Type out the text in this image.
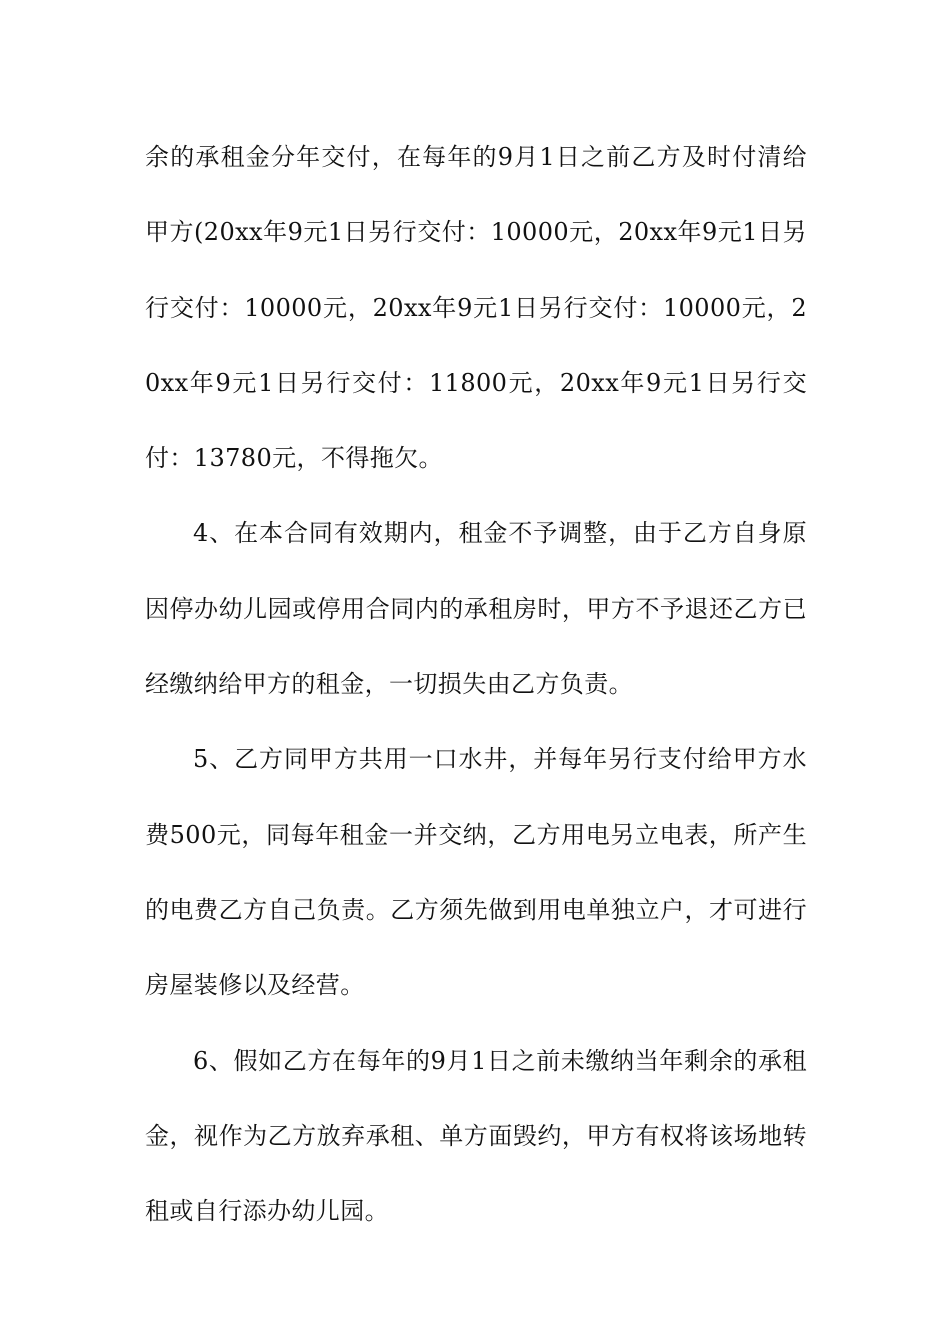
余的承租金分年交付，在每年的9月1日之前乙方及时付清给甲方(20xx年9元1日另行交付：10000元，20xx年9元1日另行交付：10000元，20xx年9元1日另行交付：10000元，20xx年9元1日另行交付：11800元，20xx年9元1日另行交付：13780元，不得拖欠。

4、在本合同有效期内，租金不予调整，由于乙方自身原因停办幼儿园或停用合同内的承租房时，甲方不予退还乙方已经缴纳给甲方的租金，一切损失由乙方负责。

5、乙方同甲方共用一口水井，并每年另行支付给甲方水费500元，同每年租金一并交纳，乙方用电另立电表，所产生的电费乙方自己负责。乙方须先做到用电单独立户，才可进行房屋装修以及经营。

6、假如乙方在每年的9月1日之前未缴纳当年剩余的承租金，视作为乙方放弃承租、单方面毁约，甲方有权将该场地转租或自行添办幼儿园。
